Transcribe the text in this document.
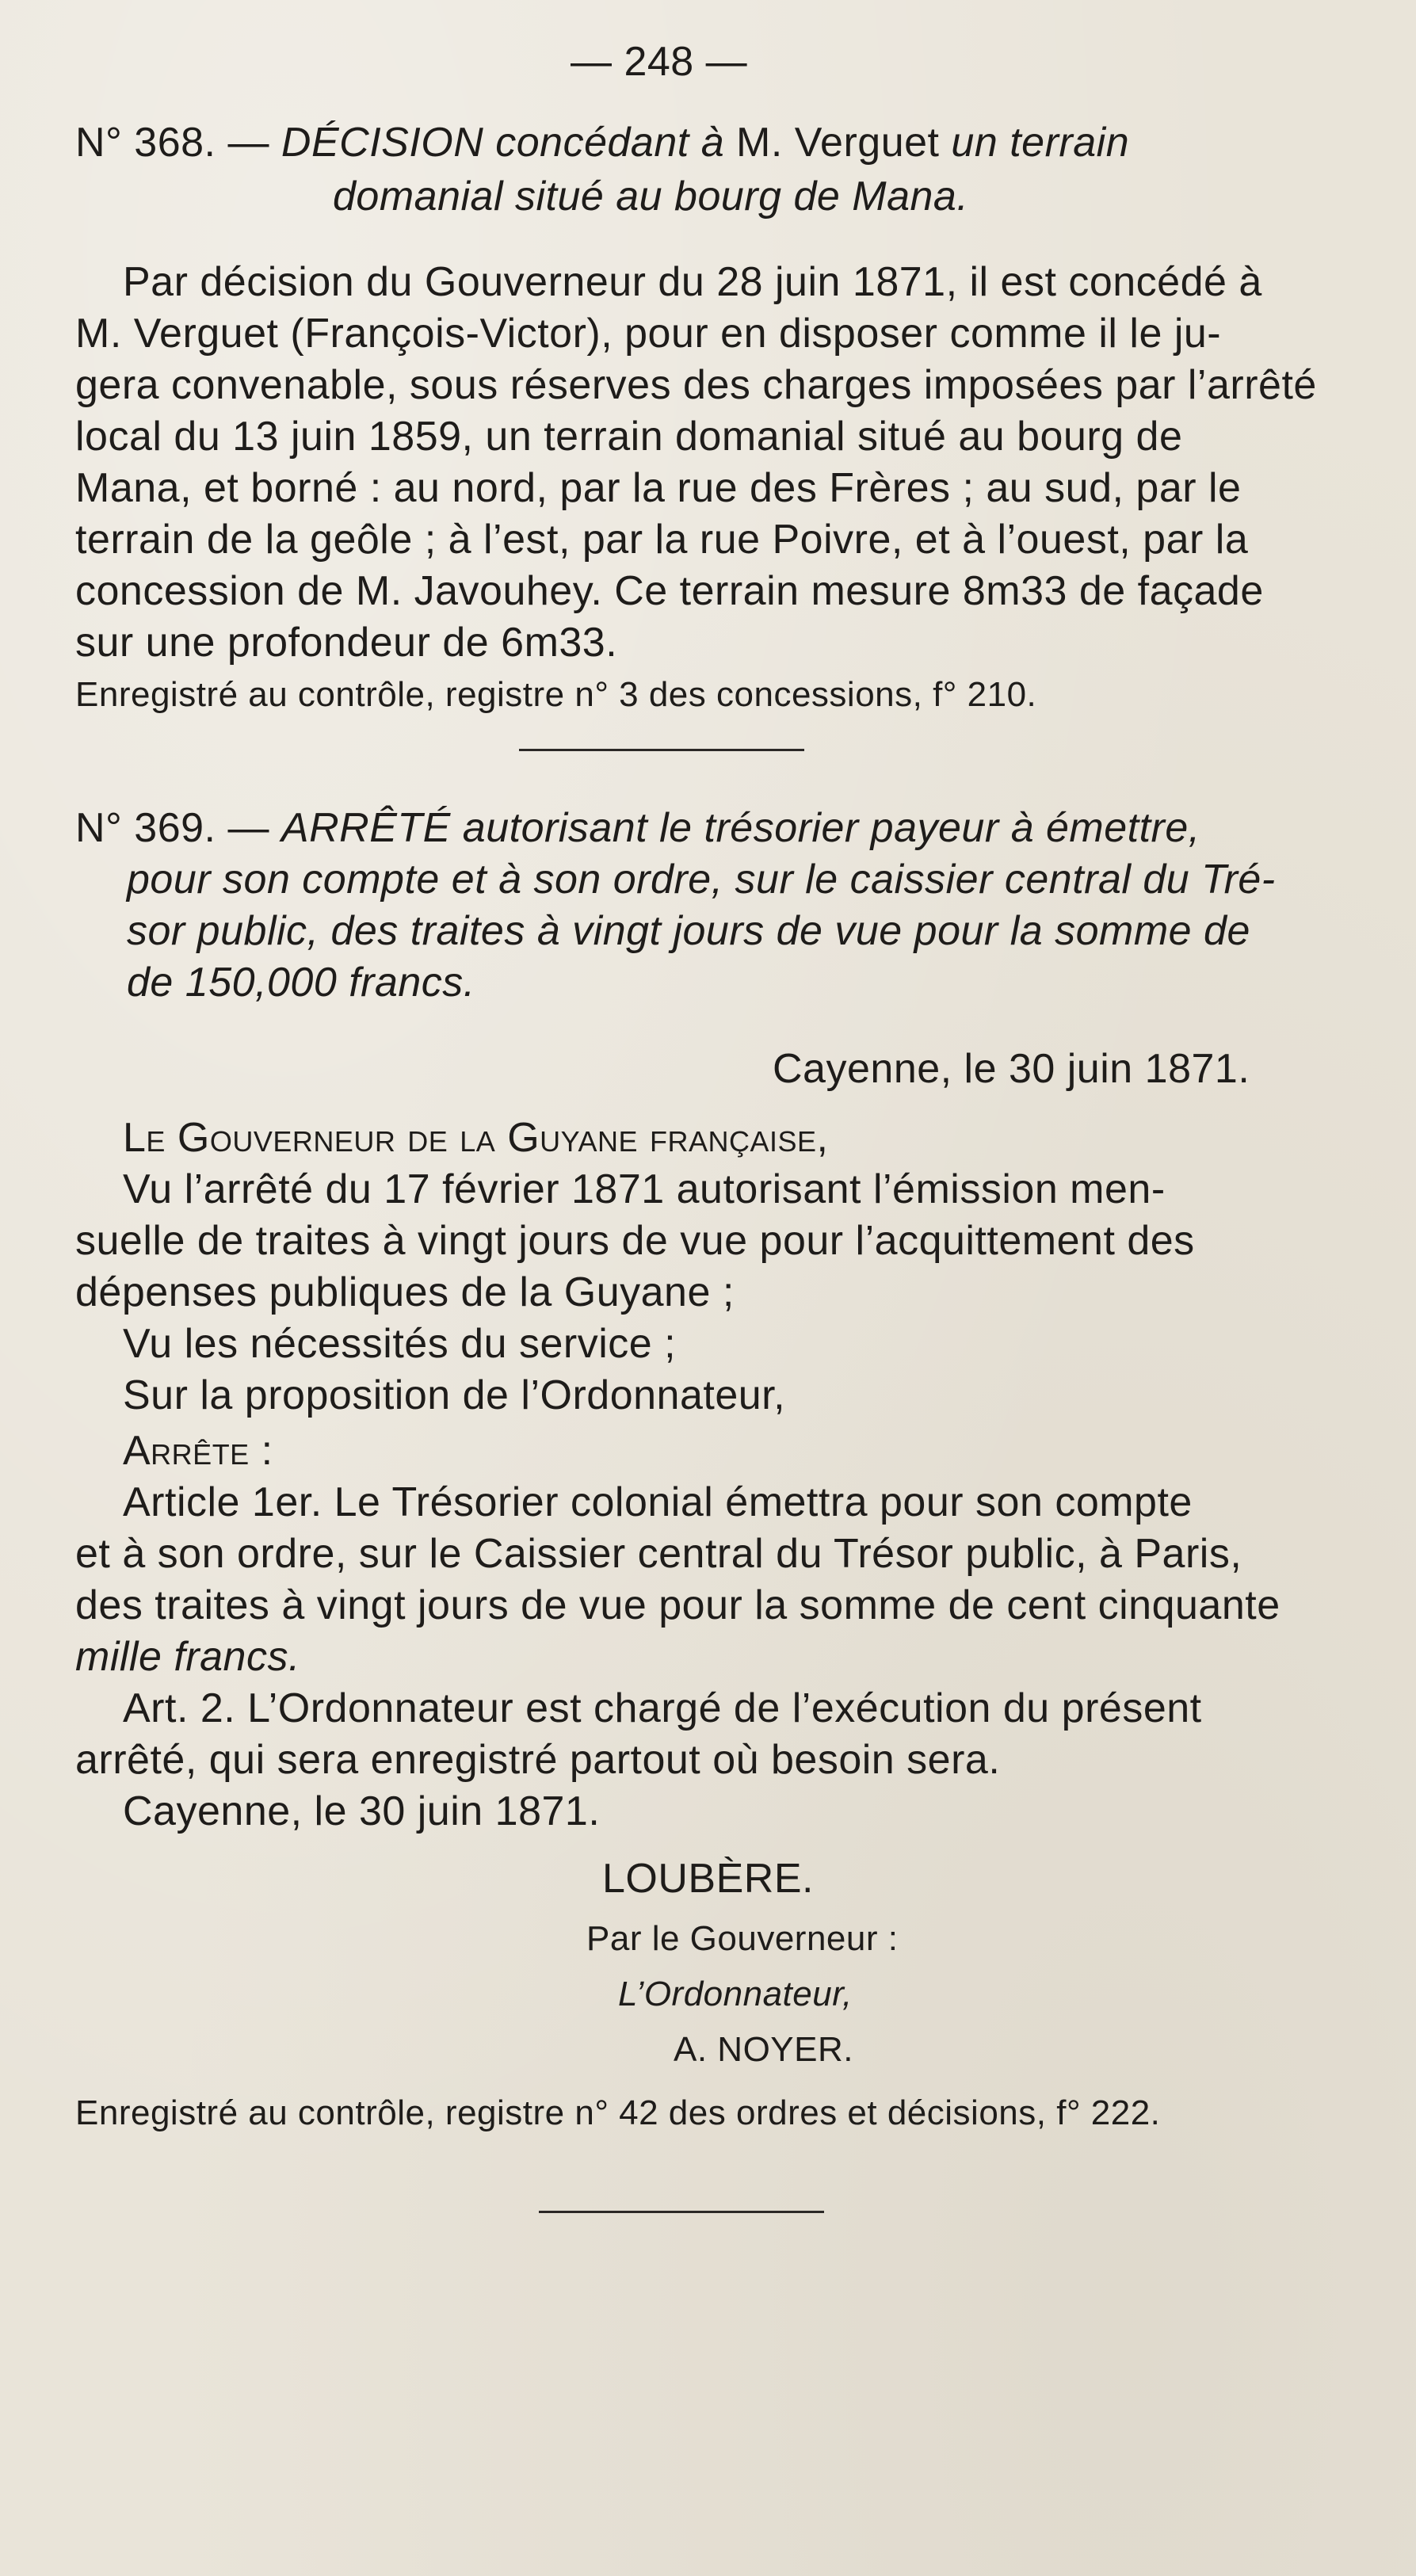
— 248 —
N° 368. — DÉCISION concédant à M. Verguet un terrain
domanial situé au bourg de Mana.
Par décision du Gouverneur du 28 juin 1871, il est concédé à
M. Verguet (François-Victor), pour en disposer comme il le ju-
gera convenable, sous réserves des charges imposées par l’arrêté
local du 13 juin 1859, un terrain domanial situé au bourg de
Mana, et borné : au nord, par la rue des Frères ; au sud, par le
terrain de la geôle ; à l’est, par la rue Poivre, et à l’ouest, par la
concession de M. Javouhey. Ce terrain mesure 8m33 de façade
sur une profondeur de 6m33.
Enregistré au contrôle, registre n° 3 des concessions, f° 210.
N° 369. — ARRÊTÉ autorisant le trésorier payeur à émettre,
pour son compte et à son ordre, sur le caissier central du Tré-
sor public, des traites à vingt jours de vue pour la somme de
de 150,000 francs.
Cayenne, le 30 juin 1871.
Le Gouverneur de la Guyane française,
Vu l’arrêté du 17 février 1871 autorisant l’émission men-
suelle de traites à vingt jours de vue pour l’acquittement des
dépenses publiques de la Guyane ;
Vu les nécessités du service ;
Sur la proposition de l’Ordonnateur,
Arrête :
Article 1er. Le Trésorier colonial émettra pour son compte
et à son ordre, sur le Caissier central du Trésor public, à Paris,
des traites à vingt jours de vue pour la somme de cent cinquante
mille francs.
Art. 2. L’Ordonnateur est chargé de l’exécution du présent
arrêté, qui sera enregistré partout où besoin sera.
Cayenne, le 30 juin 1871.
LOUBÈRE.
Par le Gouverneur :
L’Ordonnateur,
A. NOYER.
Enregistré au contrôle, registre n° 42 des ordres et décisions, f° 222.
